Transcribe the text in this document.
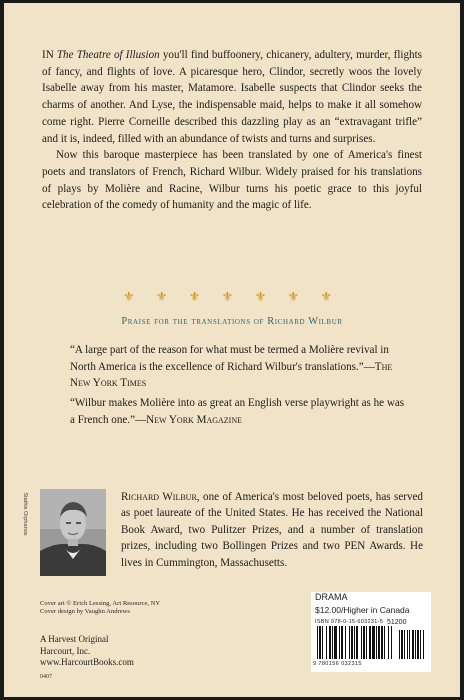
IN The Theatre of Illusion you'll find buffoonery, chicanery, adultery, murder, flights of fancy, and flights of love. A picaresque hero, Clindor, secretly woos the lovely Isabelle away from his master, Matamore. Isabelle suspects that Clindor seeks the charms of another. And Lyse, the indispensable maid, helps to make it all somehow come right. Pierre Corneille described this dazzling play as an “extravagant trifle” and it is, indeed, filled with an abundance of twists and turns and surprises.

Now this baroque masterpiece has been translated by one of America's finest poets and translators of French, Richard Wilbur. Widely praised for his translations of plays by Molière and Racine, Wilbur turns his poetic grace to this joyful celebration of the comedy of humanity and the magic of life.

⚜ ⚜ ⚜ ⚜ ⚜ ⚜ ⚜
Praise for the translations of Richard Wilbur
“A large part of the reason for what must be termed a Molière revival in North America is the excellence of Richard Wilbur's translations.”—The New York Times
“Wilbur makes Molière into as great an English verse playwright as he was a French one.”—New York Magazine
Stathis Orphanos	Richard Wilbur, one of America's most beloved poets, has served as poet laureate of the United States. He has received the National Book Award, two Pulitzer Prizes, and a number of translation prizes, including two Bollingen Prizes and two PEN Awards. He lives in Cummington, Massachusetts.
Cover art © Erich Lessing, Art Resource, NY
Cover design by Vaughn Andrews
A Harvest Original
Harcourt, Inc.
www.HarcourtBooks.com
0407
DRAMA
$12.00/Higher in Canada
ISBN 978-0-15-603231-5 51200
9 780156 032315
